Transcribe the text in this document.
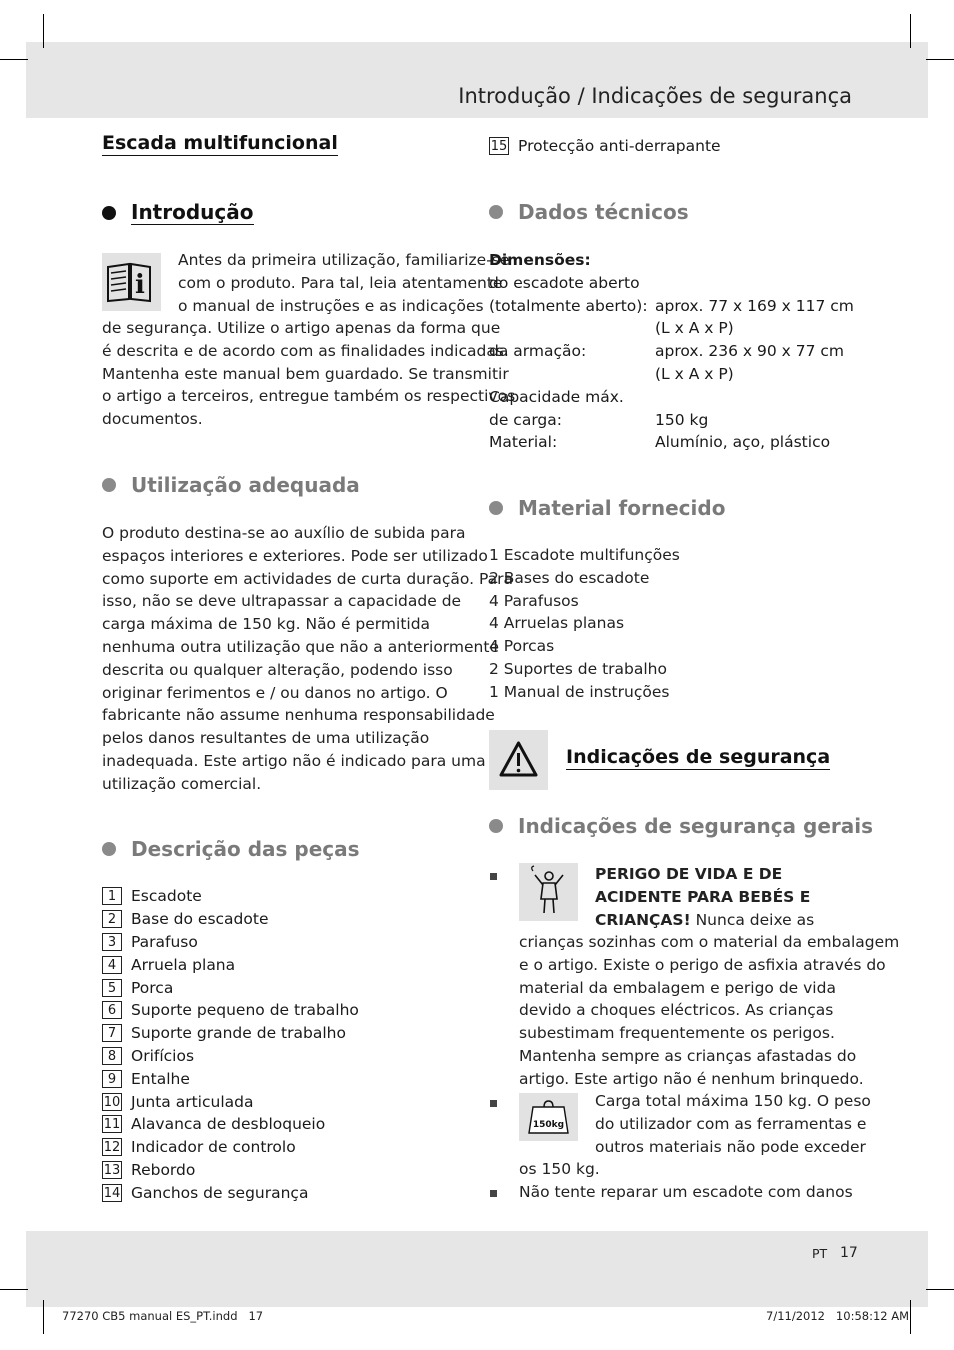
Introdução / Indicações de segurança
Escada multifuncional
Introdução
i
Antes da primeira utilização, familiarize-se
com o produto. Para tal, leia atentamente
o manual de instruções e as indicações
de segurança. Utilize o artigo apenas da forma que
é descrita e de acordo com as finalidades indicadas.
Mantenha este manual bem guardado. Se transmitir
o artigo a terceiros, entregue também os respectivos
documentos.
Utilização adequada
O produto destina-se ao auxílio de subida para
espaços interiores e exteriores. Pode ser utilizado
como suporte em actividades de curta duração. Para
isso, não se deve ultrapassar a capacidade de
carga máxima de 150 kg. Não é permitida
nenhuma outra utilização que não a anteriormente
descrita ou qualquer alteração, podendo isso
originar ferimentos e / ou danos no artigo. O
fabricante não assume nenhuma responsabilidade
pelos danos resultantes de uma utilização
inadequada. Este artigo não é indicado para uma
utilização comercial.
Descrição das peças
1 Escadote
2 Base do escadote
3 Parafuso
4 Arruela plana
5 Porca
6 Suporte pequeno de trabalho
7 Suporte grande de trabalho
8 Orifícios
9 Entalhe
10 Junta articulada
11 Alavanca de desbloqueio
12 Indicador de controlo
13 Rebordo
14 Ganchos de segurança
15 Protecção anti-derrapante
Dados técnicos
Dimensões:
do escadote aberto
(totalmente aberto): aprox. 77 x 169 x 117 cm
(L x A x P)
da armação:	aprox. 236 x 90 x 77 cm
(L x A x P)
Capacidade máx.
de carga:	150 kg
Material:	Alumínio, aço, plástico
Material fornecido
1 Escadote multifunções
2 Bases do escadote
4 Parafusos
4 Arruelas planas
4 Porcas
2 Suportes de trabalho
1 Manual de instruções
Indicações de segurança
Indicações de segurança gerais
PERIGO DE VIDA E DE
ACIDENTE PARA BEBÉS E
CRIANÇAS! Nunca deixe as
crianças sozinhas com o material da embalagem
e o artigo. Existe o perigo de asfixia através do
material da embalagem e perigo de vida
devido a choques eléctricos. As crianças
subestimam frequentemente os perigos.
Mantenha sempre as crianças afastadas do
artigo. Este artigo não é nenhum brinquedo.
150kg
Carga total máxima 150 kg. O peso
do utilizador com as ferramentas e
outros materiais não pode exceder
os 150 kg.
Não tente reparar um escadote com danos
PT 17
77270 CB5 manual ES_PT.indd   17	7/11/2012   10:58:12 AM
